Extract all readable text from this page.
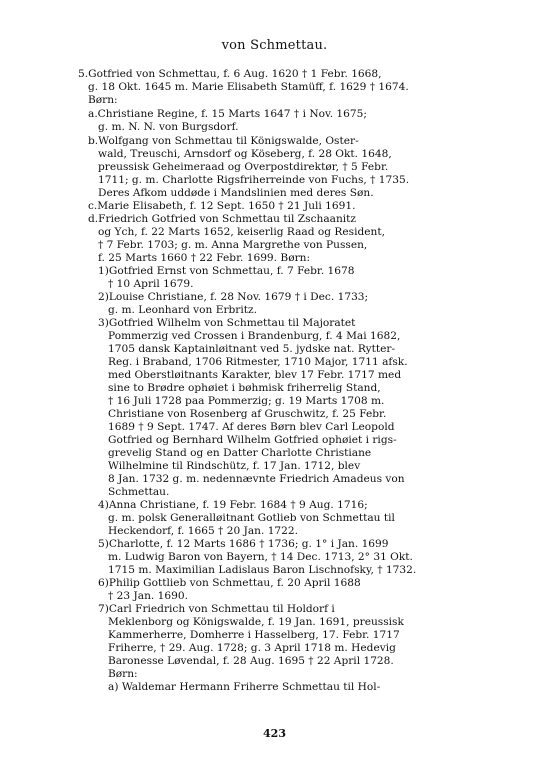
von Schmettau.
5.Gotfried von Schmettau, f. 6 Aug. 1620 † 1 Febr. 1668,
g. 18 Okt. 1645 m. Marie Elisabeth Stamüff, f. 1629 † 1674.
Børn:
a.Christiane Regine, f. 15 Marts 1647 † i Nov. 1675;
g. m. N. N. von Burgsdorf.
b.Wolfgang von Schmettau til Königswalde, Oster-
wald, Treuschi, Arnsdorf og Köseberg, f. 28 Okt. 1648,
preussisk Geheimeraad og Overpostdirektør, † 5 Febr.
1711; g. m. Charlotte Rigsfriherreinde von Fuchs, † 1735.
Deres Afkom uddøde i Mandslinien med deres Søn.
c.Marie Elisabeth, f. 12 Sept. 1650 † 21 Juli 1691.
d.Friedrich Gotfried von Schmettau til Zschaanitz
og Ych, f. 22 Marts 1652, keiserlig Raad og Resident,
† 7 Febr. 1703; g. m. Anna Margrethe von Pussen,
f. 25 Marts 1660 † 22 Febr. 1699. Børn:
1)Gotfried Ernst von Schmettau, f. 7 Febr. 1678
† 10 April 1679.
2)Louise Christiane, f. 28 Nov. 1679 † i Dec. 1733;
g. m. Leonhard von Erbritz.
3)Gotfried Wilhelm von Schmettau til Majoratet
Pommerzig ved Crossen i Brandenburg, f. 4 Mai 1682,
1705 dansk Kaptainløitnant ved 5. jydske nat. Rytter-
Reg. i Braband, 1706 Ritmester, 1710 Major, 1711 afsk.
med Oberstløitnants Karakter, blev 17 Febr. 1717 med
sine to Brødre ophøiet i bøhmisk friherrelig Stand,
† 16 Juli 1728 paa Pommerzig; g. 19 Marts 1708 m.
Christiane von Rosenberg af Gruschwitz, f. 25 Febr.
1689 † 9 Sept. 1747. Af deres Børn blev Carl Leopold
Gotfried og Bernhard Wilhelm Gotfried ophøiet i rigs-
grevelig Stand og en Datter Charlotte Christiane
Wilhelmine til Rindschütz, f. 17 Jan. 1712, blev
8 Jan. 1732 g. m. nedennævnte Friedrich Amadeus von
Schmettau.
4)Anna Christiane, f. 19 Febr. 1684 † 9 Aug. 1716;
g. m. polsk Generalløitnant Gotlieb von Schmettau til
Heckendorf, f. 1665 † 20 Jan. 1722.
5)Charlotte, f. 12 Marts 1686 † 1736; g. 1° i Jan. 1699
m. Ludwig Baron von Bayern, † 14 Dec. 1713, 2° 31 Okt.
1715 m. Maximilian Ladislaus Baron Lischnofsky, † 1732.
6)Philip Gottlieb von Schmettau, f. 20 April 1688
† 23 Jan. 1690.
7)Carl Friedrich von Schmettau til Holdorf i
Meklenborg og Königswalde, f. 19 Jan. 1691, preussisk
Kammerherre, Domherre i Hasselberg, 17. Febr. 1717
Friherre, † 29. Aug. 1728; g. 3 April 1718 m. Hedevig
Baronesse Løvendal, f. 28 Aug. 1695 † 22 April 1728.
Børn:
a) Waldemar Hermann Friherre Schmettau til Hol-
423
